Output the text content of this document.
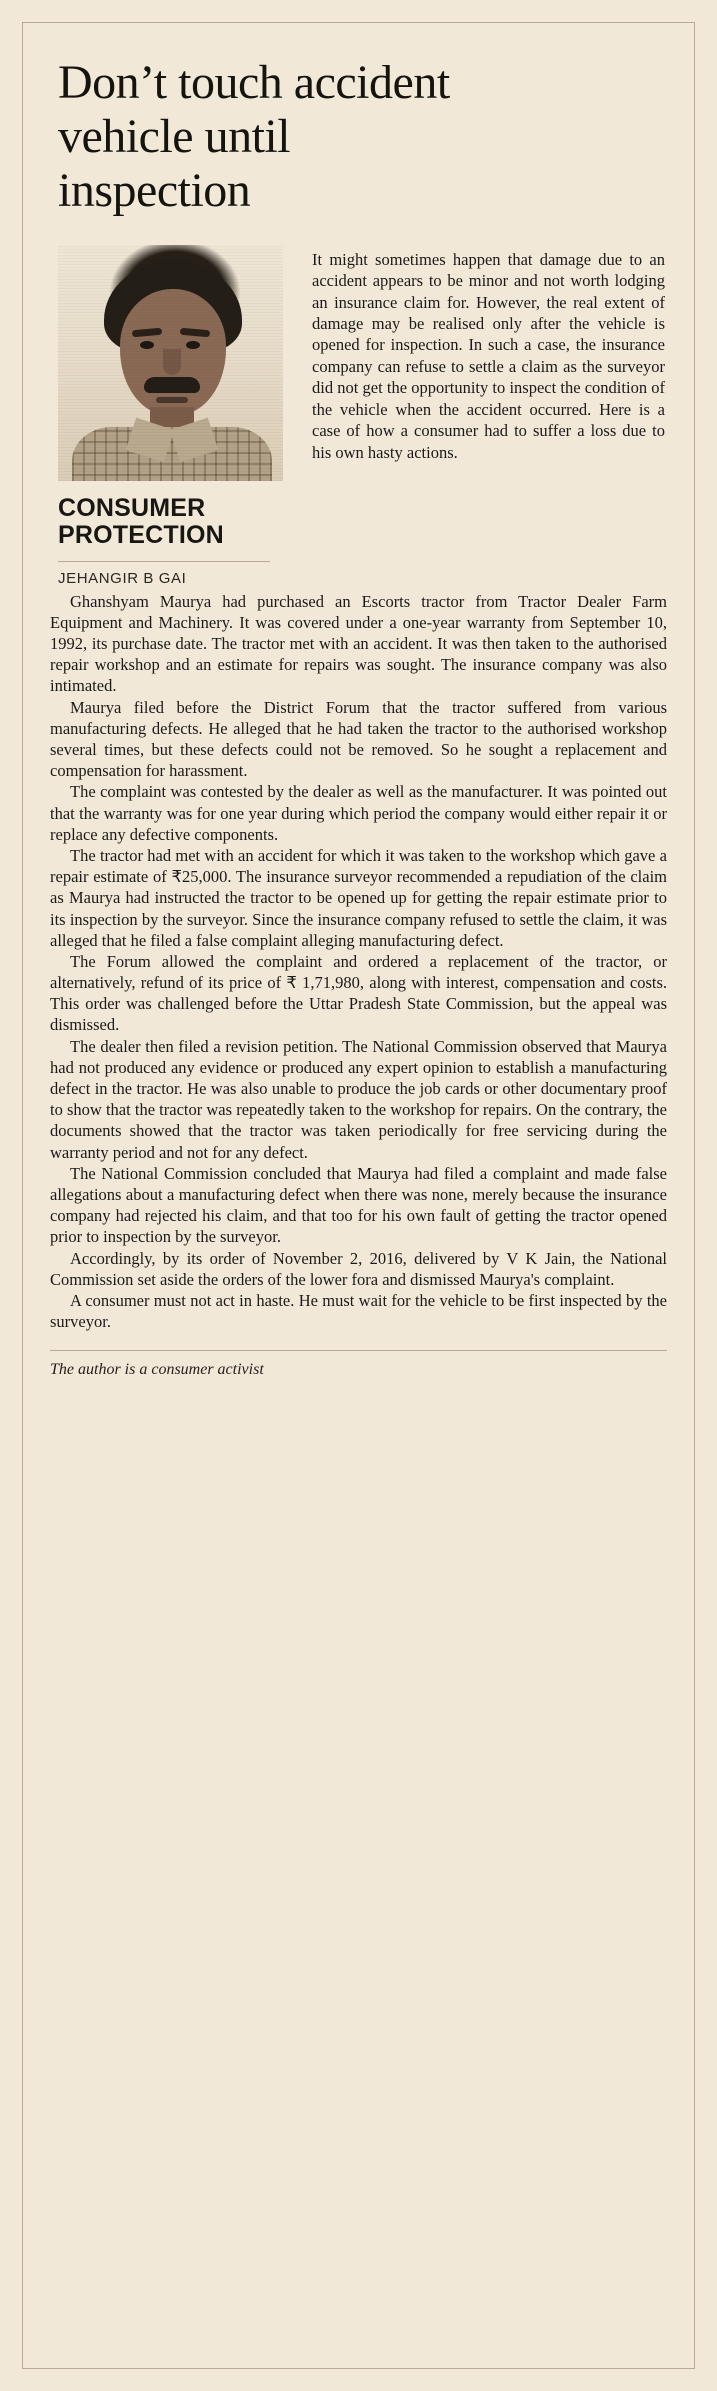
Don’t touch accident vehicle until inspection
CONSUMER
PROTECTION
JEHANGIR B GAI

It might sometimes happen that damage due to an accident appears to be minor and not worth lodging an insurance claim for. However, the real extent of damage may be realised only after the vehicle is opened for inspection. In such a case, the insurance company can refuse to settle a claim as the surveyor did not get the opportunity to inspect the condition of the vehicle when the accident occurred. Here is a case of how a consumer had to suffer a loss due to his own hasty actions.

Ghanshyam Maurya had purchased an Escorts tractor from Tractor Dealer Farm Equipment and Machinery. It was covered under a one-year warranty from September 10, 1992, its purchase date. The tractor met with an accident. It was then taken to the authorised repair workshop and an estimate for repairs was sought. The insurance company was also intimated.

Maurya filed before the District Forum that the tractor suffered from various manufacturing defects. He alleged that he had taken the tractor to the authorised workshop several times, but these defects could not be removed. So he sought a replacement and compensation for harassment.

The complaint was contested by the dealer as well as the manufacturer. It was pointed out that the warranty was for one year during which period the company would either repair it or replace any defective components.

The tractor had met with an accident for which it was taken to the workshop which gave a repair estimate of ₹25,000. The insurance surveyor recommended a repudiation of the claim as Maurya had instructed the tractor to be opened up for getting the repair estimate prior to its inspection by the surveyor. Since the insurance company refused to settle the claim, it was alleged that he filed a false complaint alleging manufacturing defect.

The Forum allowed the complaint and ordered a replacement of the tractor, or alternatively, refund of its price of ₹ 1,71,980, along with interest, compensation and costs. This order was challenged before the Uttar Pradesh State Commission, but the appeal was dismissed.

The dealer then filed a revision petition. The National Commission observed that Maurya had not produced any evidence or produced any expert opinion to establish a manufacturing defect in the tractor. He was also unable to produce the job cards or other documentary proof to show that the tractor was repeatedly taken to the workshop for repairs. On the contrary, the documents showed that the tractor was taken periodically for free servicing during the warranty period and not for any defect.

The National Commission concluded that Maurya had filed a complaint and made false allegations about a manufacturing defect when there was none, merely because the insurance company had rejected his claim, and that too for his own fault of getting the tractor opened prior to inspection by the surveyor.

Accordingly, by its order of November 2, 2016, delivered by V K Jain, the National Commission set aside the orders of the lower fora and dismissed Maurya's complaint.

A consumer must not act in haste. He must wait for the vehicle to be first inspected by the surveyor.

The author is a consumer activist
